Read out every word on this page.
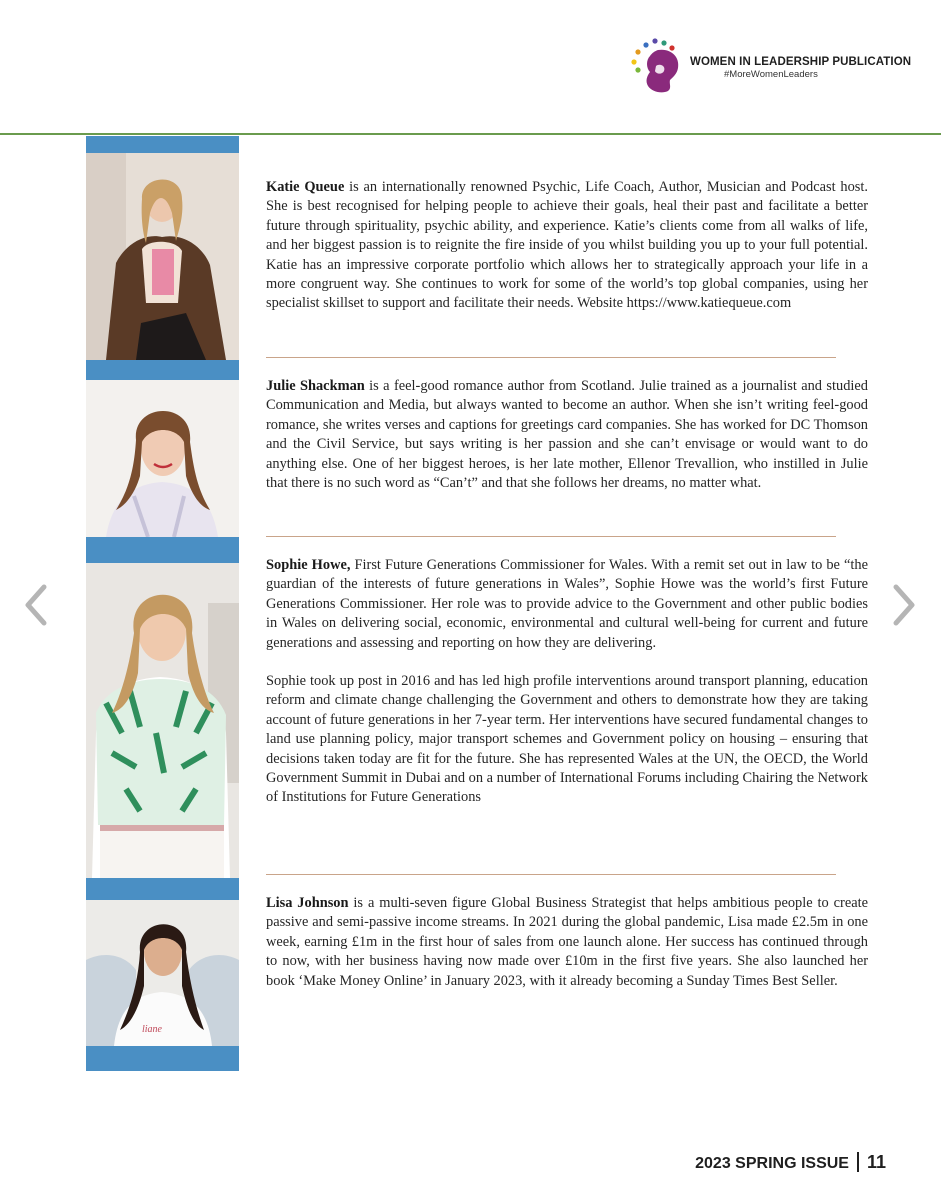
WOMEN IN LEADERSHIP PUBLICATION
#MoreWomenLeaders
liane
Katie Queue is an internationally renowned Psychic, Life Coach, Author, Musician and Podcast host. She is best recognised for helping people to achieve their goals, heal their past and facilitate a better future through spirituality, psychic ability, and experience. Katie’s clients come from all walks of life, and her biggest passion is to reignite the fire inside of you whilst building you up to your full potential. Katie has an impressive corporate portfolio which allows her to strategically approach your life in a more congruent way. She continues to work for some of the world’s top global companies, using her specialist skillset to support and facilitate their needs. Website https://www.katiequeue.com
Julie Shackman is a feel-good romance author from Scotland. Julie trained as a journalist and studied Communication and Media, but always wanted to become an author. When she isn’t writing feel-good romance, she writes verses and captions for greetings card companies. She has worked for DC Thomson and the Civil Service, but says writing is her passion and she can’t envisage or would want to do anything else. One of her biggest heroes, is her late mother, Ellenor Trevallion, who instilled in Julie that there is no such word as “Can’t” and that she follows her dreams, no matter what.

Sophie Howe, First Future Generations Commissioner for Wales. With a remit set out in law to be “the guardian of the interests of future generations in Wales”, Sophie Howe was the world’s first Future Generations Commissioner. Her role was to provide advice to the Government and other public bodies in Wales on delivering social, economic, environmental and cultural well-being for current and future generations and assessing and reporting on how they are delivering.

Sophie took up post in 2016 and has led high profile interventions around transport planning, education reform and climate change challenging the Government and others to demonstrate how they are taking account of future generations in her 7-year term. Her interventions have secured fundamental changes to land use planning policy, major transport schemes and Government policy on housing – ensuring that decisions taken today are fit for the future. She has represented Wales at the UN, the OECD, the World Government Summit in Dubai and on a number of International Forums including Chairing the Network of Institutions for Future Generations

Lisa Johnson is a multi-seven figure Global Business Strategist that helps ambitious people to create passive and semi-passive income streams. In 2021 during the global pandemic, Lisa made £2.5m in one week, earning £1m in the first hour of sales from one launch alone. Her success has continued through to now, with her business having now made over £10m in the first five years. She also launched her book ‘Make Money Online’ in January 2023, with it already becoming a Sunday Times Best Seller.
2023 SPRING ISSUE 11
